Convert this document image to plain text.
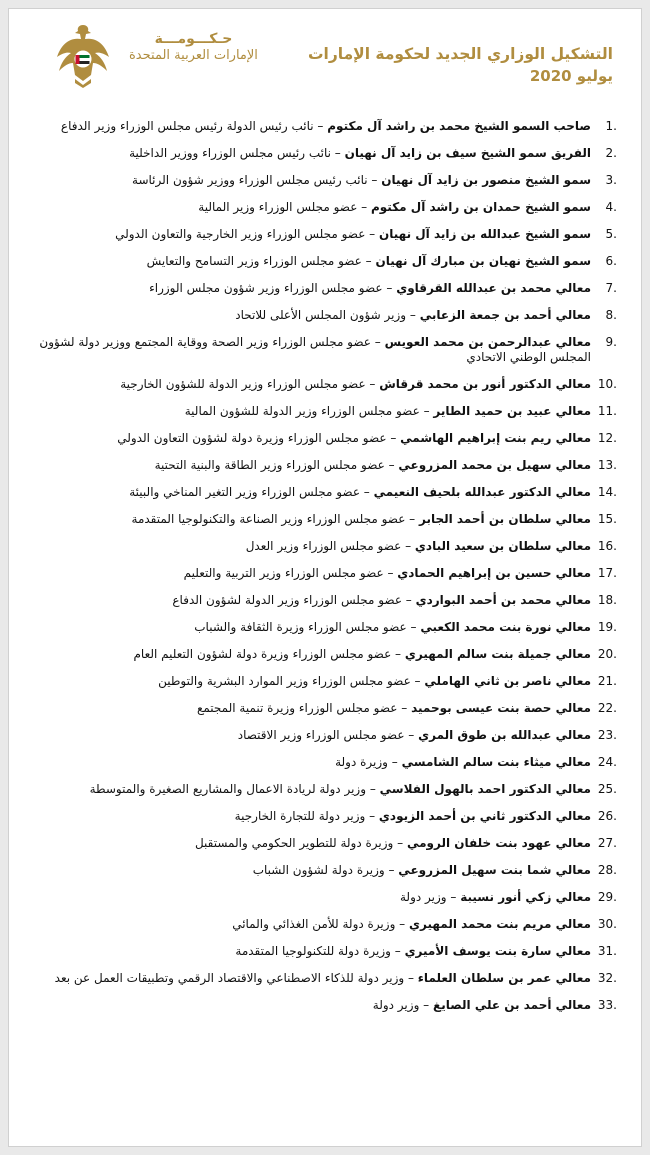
التشكيل الوزاري الجديد لحكومة الإمارات
يوليو 2020
حـكـــومـــة
الإمارات العربية المتحدة
1.
صاحب السمو الشيخ محمد بن راشد آل مكتوم – نائب رئيس الدولة رئيس مجلس الوزراء وزير الدفاع
2.
الفريق سمو الشيخ سيف بن زايد آل نهيان – نائب رئيس مجلس الوزراء ووزير الداخلية
3.
سمو الشيخ منصور بن زايد آل نهيان – نائب رئيس مجلس الوزراء ووزير شؤون الرئاسة
4.
سمو الشيخ حمدان بن راشد آل مكتوم – عضو مجلس الوزراء وزير المالية
5.
سمو الشيخ عبدالله بن زايد آل نهيان – عضو مجلس الوزراء وزير الخارجية والتعاون الدولي
6.
سمو الشيخ نهيان بن مبارك آل نهيان – عضو مجلس الوزراء وزير التسامح والتعايش
7.
معالي محمد بن عبدالله القرقاوي – عضو مجلس الوزراء وزير شؤون مجلس الوزراء
8.
معالي أحمد بن جمعة الزعابي – وزير شؤون المجلس الأعلى للاتحاد
9.
معالي عبدالرحمن بن محمد العويس – عضو مجلس الوزراء وزير الصحة ووقاية المجتمع ووزير دولة لشؤون المجلس الوطني الاتحادي
10.
معالي الدكتور أنور بن محمد قرقاش – عضو مجلس الوزراء وزير الدولة للشؤون الخارجية
11.
معالي عبيد بن حميد الطاير – عضو مجلس الوزراء وزير الدولة للشؤون المالية
12.
معالي ريم بنت إبراهيم الهاشمي – عضو مجلس الوزراء وزيرة دولة لشؤون التعاون الدولي
13.
معالي سهيل بن محمد المزروعي – عضو مجلس الوزراء وزير الطاقة والبنية التحتية
14.
معالي الدكتور عبدالله بلحيف النعيمي – عضو مجلس الوزراء وزير التغير المناخي والبيئة
15.
معالي سلطان بن أحمد الجابر – عضو مجلس الوزراء وزير الصناعة والتكنولوجيا المتقدمة
16.
معالي سلطان بن سعيد البادي – عضو مجلس الوزراء وزير العدل
17.
معالي حسين بن إبراهيم الحمادي – عضو مجلس الوزراء وزير التربية والتعليم
18.
معالي محمد بن أحمد البواردي – عضو مجلس الوزراء وزير الدولة لشؤون الدفاع
19.
معالي نورة بنت محمد الكعبي – عضو مجلس الوزراء وزيرة الثقافة والشباب
20.
معالي جميلة بنت سالم المهيري – عضو مجلس الوزراء وزيرة دولة لشؤون التعليم العام
21.
معالي ناصر بن ثاني الهاملي – عضو مجلس الوزراء وزير الموارد البشرية والتوطين
22.
معالي حصة بنت عيسى بوحميد – عضو مجلس الوزراء وزيرة تنمية المجتمع
23.
معالي عبدالله بن طوق المري – عضو مجلس الوزراء وزير الاقتصاد
24.
معالي ميثاء بنت سالم الشامسي – وزيرة دولة
25.
معالي الدكتور احمد بالهول الفلاسي – وزير دولة لريادة الاعمال والمشاريع الصغيرة والمتوسطة
26.
معالي الدكتور ثاني بن أحمد الزيودي – وزير دولة للتجارة الخارجية
27.
معالي عهود بنت خلفان الرومي – وزيرة دولة للتطوير الحكومي والمستقبل
28.
معالي شما بنت سهيل المزروعي – وزيرة دولة لشؤون الشباب
29.
معالي زكي أنور نسيبة – وزير دولة
30.
معالي مريم بنت محمد المهيري – وزيرة دولة للأمن الغذائي والمائي
31.
معالي سارة بنت يوسف الأميري – وزيرة دولة للتكنولوجيا المتقدمة
32.
معالي عمر بن سلطان العلماء – وزير دولة للذكاء الاصطناعي والاقتصاد الرقمي وتطبيقات العمل عن بعد
33.
معالي أحمد بن علي الصايغ – وزير دولة
